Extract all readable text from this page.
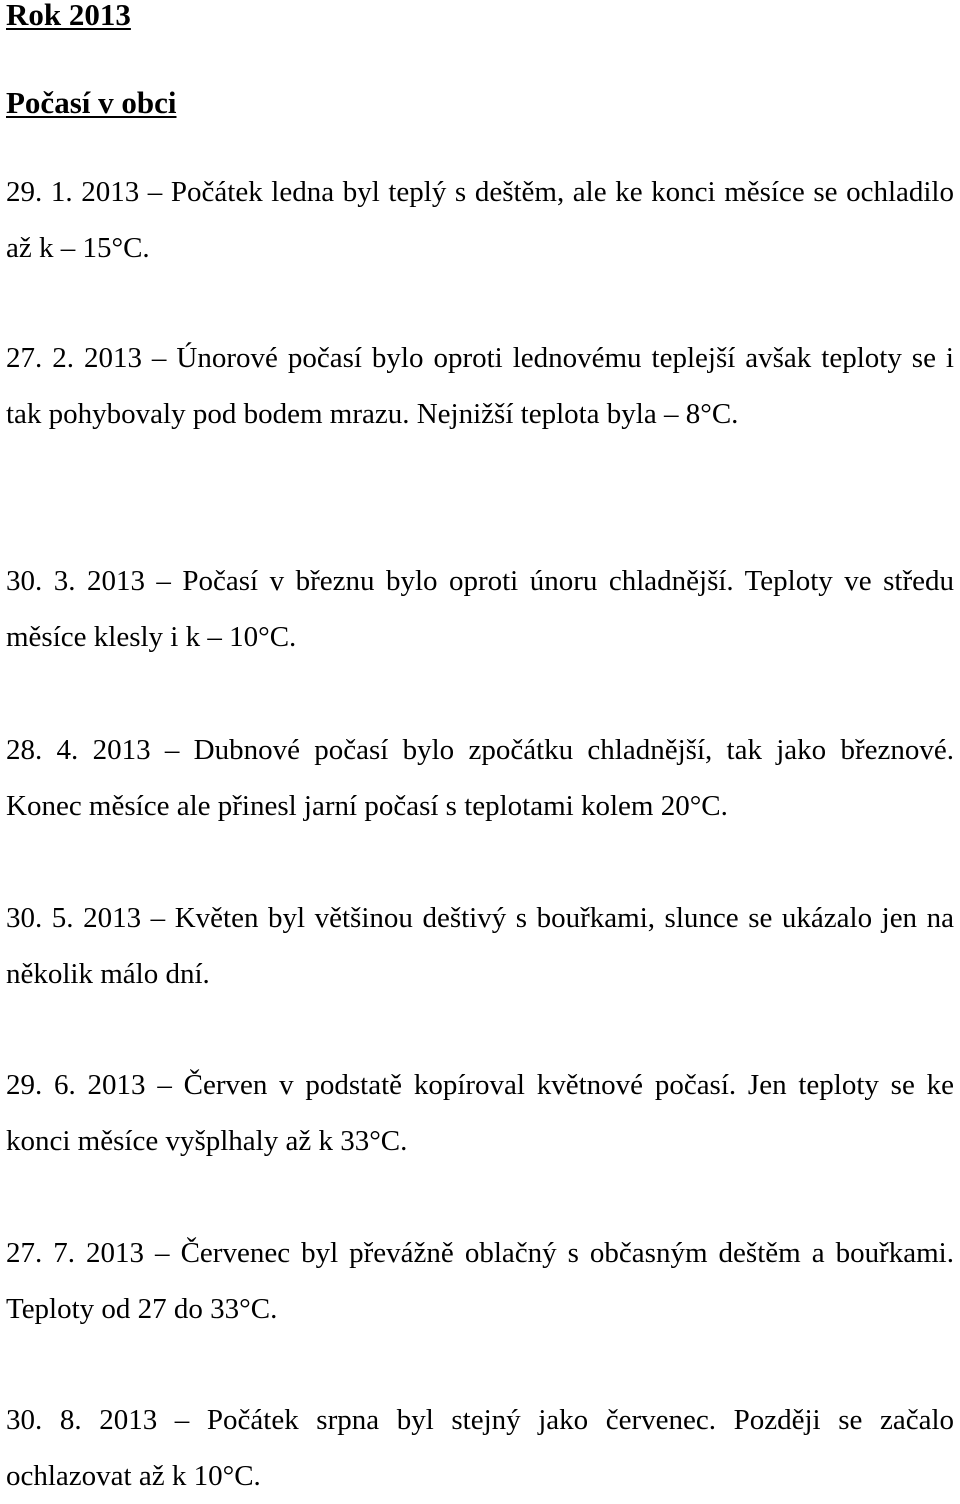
Rok 2013
Počasí v obci

29. 1. 2013 – Počátek ledna byl teplý s deštěm, ale ke konci měsíce se ochladilo až k – 15°C.

27. 2. 2013 – Únorové počasí bylo oproti lednovému teplejší avšak teploty se i tak pohybovaly pod bodem mrazu. Nejnižší teplota byla – 8°C.

30. 3. 2013 – Počasí v březnu bylo oproti únoru chladnější. Teploty ve středu měsíce klesly i k – 10°C.

28. 4. 2013 – Dubnové počasí bylo zpočátku chladnější, tak jako březnové. Konec měsíce ale přinesl jarní počasí s teplotami kolem 20°C.

30. 5. 2013 – Květen byl většinou deštivý s bouřkami, slunce se ukázalo jen na několik málo dní.

29. 6. 2013 – Červen v podstatě kopíroval květnové počasí. Jen teploty se ke konci měsíce vyšplhaly až k 33°C.

27. 7. 2013 – Červenec byl převážně oblačný s občasným deštěm a bouřkami. Teploty od 27 do 33°C.

30. 8. 2013 – Počátek srpna byl stejný jako červenec. Později se začalo ochlazovat až k 10°C.
